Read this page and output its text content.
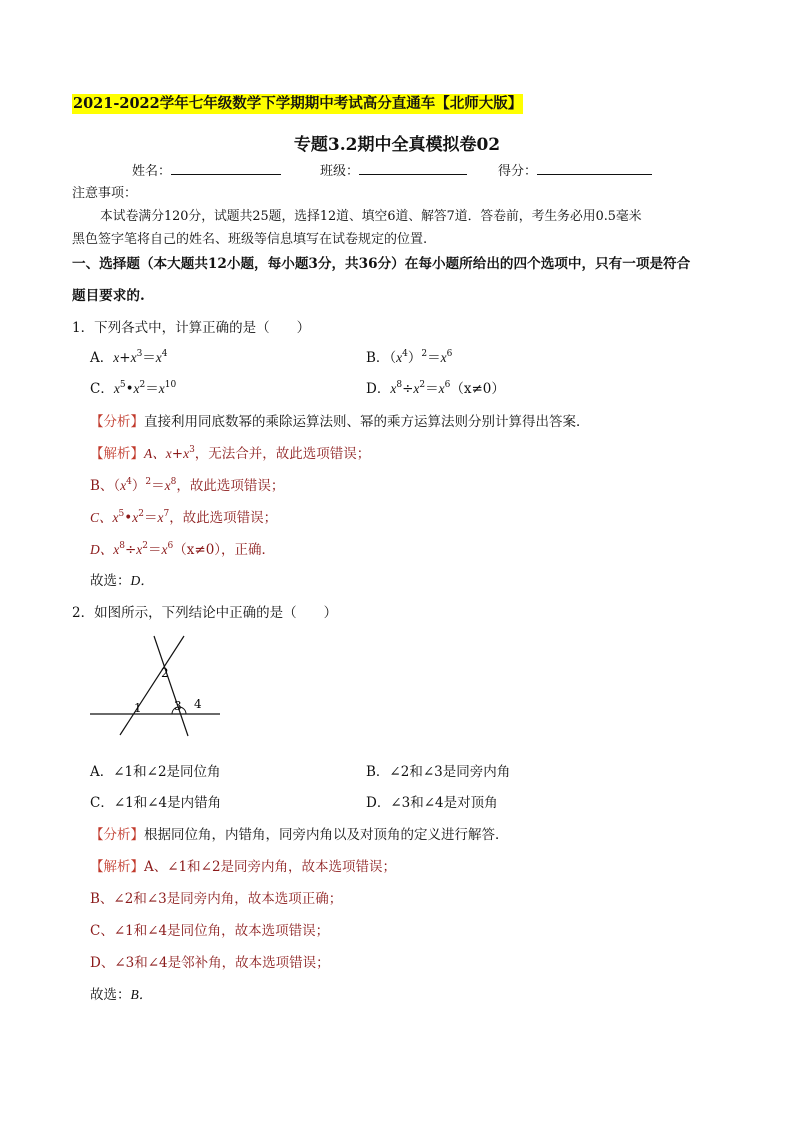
2021-2022学年七年级数学下学期期中考试高分直通车【北师大版】
专题3.2期中全真模拟卷02
姓名：	班级：	得分：
注意事项：
本试卷满分120分，试题共25题，选择12道、填空6道、解答7道．答卷前，考生务必用0.5毫米
黑色签字笔将自己的姓名、班级等信息填写在试卷规定的位置.
一、选择题（本大题共12小题，每小题3分，共36分）在每小题所给出的四个选项中，只有一项是符合
题目要求的.
1．下列各式中，计算正确的是（　　）
A．$x+x^3=x^4$	B．$(x^4)^2=x^6$
C．$x^5•x^2=x^{10}$	D．$x^8\div x^2=x^6(x\ne 0)$
【分析】直接利用同底数幂的乘除运算法则、幂的乘方运算法则分别计算得出答案．
【解析】A、$x+x^3$，无法合并，故此选项错误；
B、$(x^4)^2=x^8$，故此选项错误；
C、$x^5•x^2=x^7$，故此选项错误；
D、$x^8\div x^2=x^6(x\ne 0)$，正确．
故选：D．
2．如图所示，下列结论中正确的是（　　）
1
2
3 4
A．∠1和∠2是同位角	B．∠2和∠3是同旁内角
C．∠1和∠4是内错角	D．∠3和∠4是对顶角
【分析】根据同位角，内错角，同旁内角以及对顶角的定义进行解答．
【解析】A、∠1和∠2是同旁内角，故本选项错误；
B、∠2和∠3是同旁内角，故本选项正确；
C、∠1和∠4是同位角，故本选项错误；
D、∠3和∠4是邻补角，故本选项错误；
故选：B．
